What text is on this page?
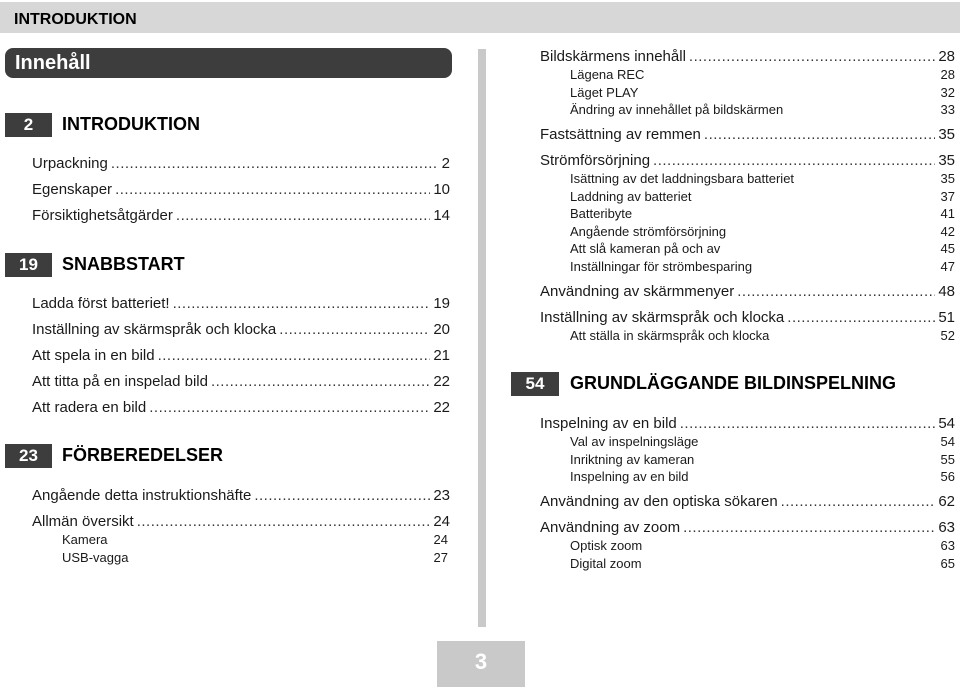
INTRODUKTION
Innehåll
2	INTRODUKTION
Urpackning .....	2
Egenskaper .....	10
Försiktighetsåtgärder .....	14
19	SNABBSTART
Ladda först batteriet! .....	19
Inställning av skärmspråk och klocka .....	20
Att spela in en bild .....	21
Att titta på en inspelad bild .....	22
Att radera en bild .....	22
23	FÖRBEREDELSER
Angående detta instruktionshäfte .....	23
Allmän översikt .....	24
Kamera	24
USB-vagga	27
Bildskärmens innehåll .....	28
Lägena REC	28
Läget PLAY	32
Ändring av innehållet på bildskärmen	33
Fastsättning av remmen .....	35
Strömförsörjning .....	35
Isättning av det laddningsbara batteriet	35
Laddning av batteriet	37
Batteribyte	41
Angående strömförsörjning	42
Att slå kameran på och av	45
Inställningar för strömbesparing	47
Användning av skärmmenyer .....	48
Inställning av skärmspråk och klocka .....	51
Att ställa in skärmspråk och klocka	52
54	GRUNDLÄGGANDE BILDINSPELNING
Inspelning av en bild .....	54
Val av inspelningsläge	54
Inriktning av kameran	55
Inspelning av en bild	56
Användning av den optiska sökaren .....	62
Användning av zoom .....	63
Optisk zoom	63
Digital zoom	65
3
